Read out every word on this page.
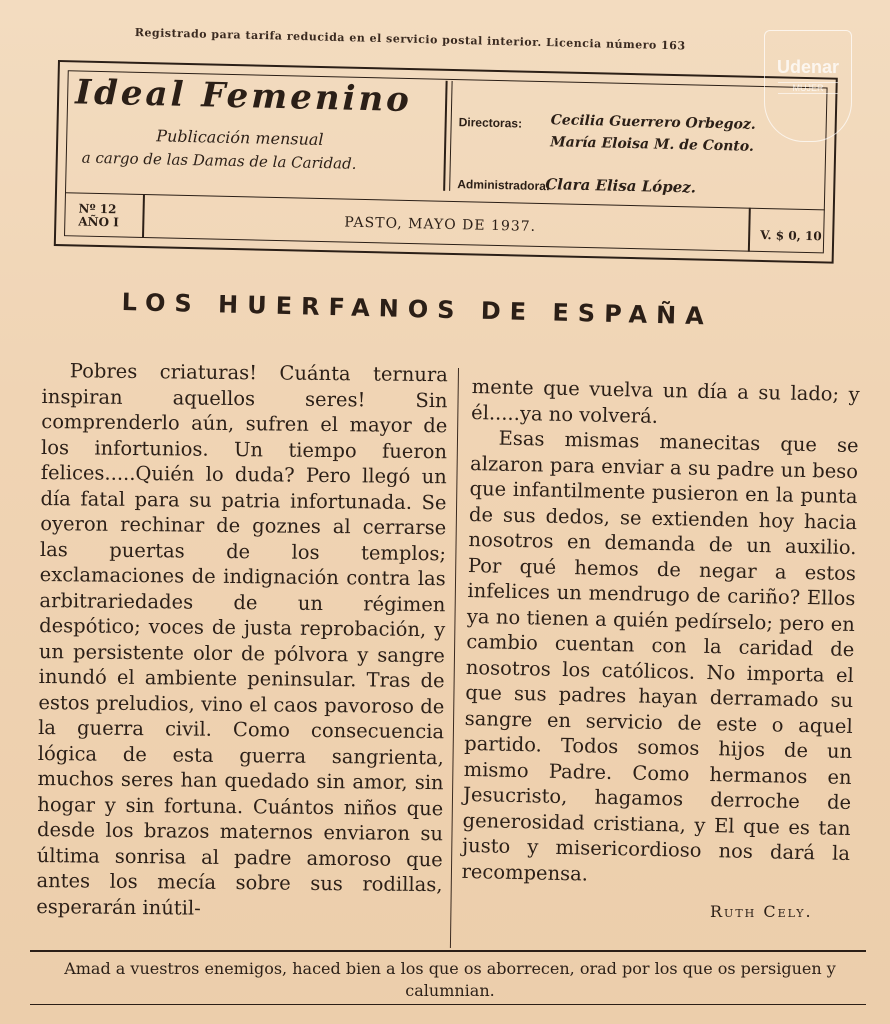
Registrado para tarifa reducida en el servicio postal interior. Licencia número 163
Ideal Femenino
Publicación mensual
a cargo de las Damas de la Caridad.
Directoras: Cecilia Guerrero Orbegoz.
María Eloisa M. de Conto.
Administradora:
Clara Elisa López.
Nº 12
AÑO I	PASTO, MAYO DE 1937.
V. $ 0, 10
Udenar
MUJER
LOS HUERFANOS DE ESPAÑA

Pobres criaturas! Cuánta ternura inspiran aquellos seres! Sin comprenderlo aún, sufren el mayor de los infortunios. Un tiempo fueron felices.....Quién lo duda? Pero llegó un día fatal para su patria infortunada. Se oyeron rechinar de goznes al cerrarse las puertas de los templos; exclamaciones de indignación contra las arbitrariedades de un régimen despótico; voces de justa reprobación, y un persistente olor de pólvora y sangre inundó el ambiente peninsular. Tras de estos preludios, vino el caos pavoroso de la guerra civil. Como consecuencia lógica de esta guerra sangrienta, muchos seres han quedado sin amor, sin hogar y sin fortuna. Cuántos niños que desde los brazos maternos enviaron su última sonrisa al padre amoroso que antes los mecía sobre sus rodillas, esperarán inútil-

mente que vuelva un día a su lado; y él.....ya no volverá.

Esas mismas manecitas que se alzaron para enviar a su padre un beso que infantilmente pusieron en la punta de sus dedos, se extienden hoy hacia nosotros en demanda de un auxilio. Por qué hemos de negar a estos infelices un mendrugo de cariño? Ellos ya no tienen a quién pedírselo; pero en cambio cuentan con la caridad de nosotros los católicos. No importa el que sus padres hayan derramado su sangre en servicio de este o aquel partido. Todos somos hijos de un mismo Padre. Como hermanos en Jesucristo, hagamos derroche de generosidad cristiana, y El que es tan justo y misericordioso nos dará la recompensa.

Ruth Cely.
Amad a vuestros enemigos, haced bien a los que os aborrecen, orad por los que os persiguen y calumnian.
